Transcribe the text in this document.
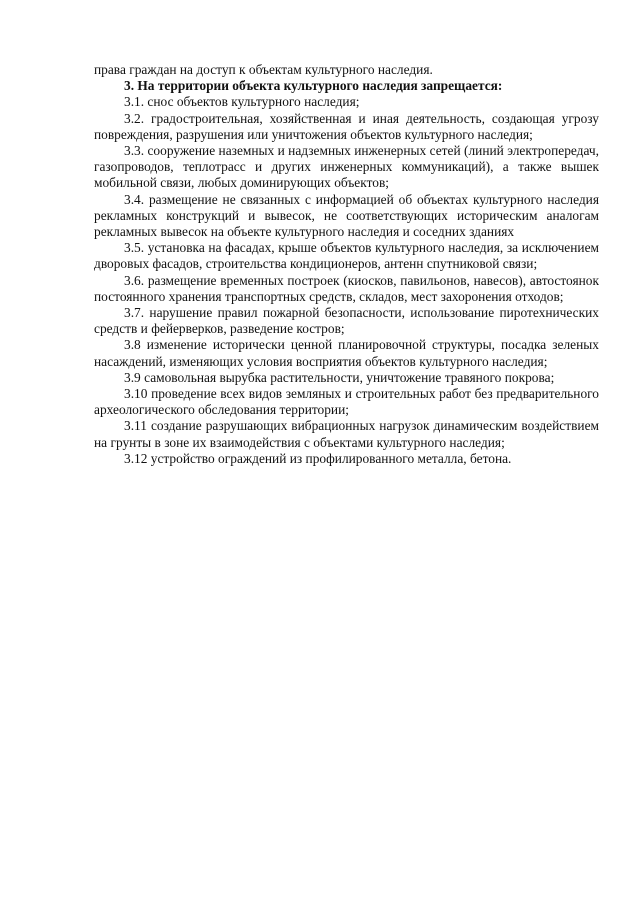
права граждан на доступ к объектам культурного наследия.

3. На территории объекта культурного наследия запрещается:

3.1. снос объектов культурного наследия;

3.2. градостроительная, хозяйственная и иная деятельность, создающая угрозу повреждения, разрушения или уничтожения объектов культурного наследия;

3.3. сооружение наземных и надземных инженерных сетей (линий электропередач, газопроводов, теплотрасс и других инженерных коммуникаций), а также вышек мобильной связи, любых доминирующих объектов;

3.4. размещение не связанных с информацией об объектах культурного наследия рекламных конструкций и вывесок, не соответствующих историческим аналогам рекламных вывесок на объекте культурного наследия и соседних зданиях

3.5. установка на фасадах, крыше объектов культурного наследия, за исключением дворовых фасадов, строительства кондиционеров, антенн спутниковой связи;

3.6. размещение временных построек (киосков, павильонов, навесов), автостоянок постоянного хранения транспортных средств, складов, мест захоронения отходов;

3.7. нарушение правил пожарной безопасности, использование пиротехнических средств и фейерверков, разведение костров;

3.8 изменение исторически ценной планировочной структуры, посадка зеленых насаждений, изменяющих условия восприятия объектов культурного наследия;

3.9 самовольная вырубка растительности, уничтожение травяного покрова;

3.10 проведение всех видов земляных и строительных работ без предварительного археологического обследования территории;

3.11 создание разрушающих вибрационных нагрузок динамическим воздействием на грунты в зоне их взаимодействия с объектами культурного наследия;

3.12 устройство ограждений из профилированного металла, бетона.
